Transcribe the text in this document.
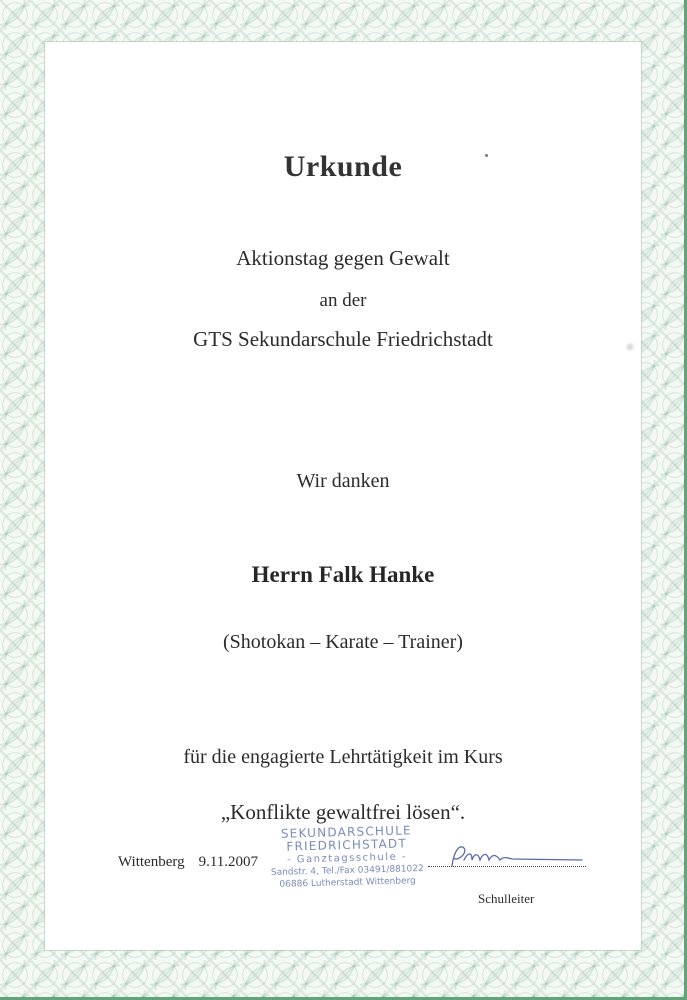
Urkunde
Aktionstag gegen Gewalt
an der
GTS Sekundarschule Friedrichstadt
Wir danken
Herrn Falk Hanke
(Shotokan – Karate – Trainer)
für die engagierte Lehrtätigkeit im Kurs
„Konflikte gewaltfrei lösen“.
Wittenberg 9.11.2007
SEKUNDARSCHULE
FRIEDRICHSTADT
- Ganztagsschule -
Sandstr. 4, Tel./Fax 03491/881022
06886 Lutherstadt Wittenberg
Schulleiter
